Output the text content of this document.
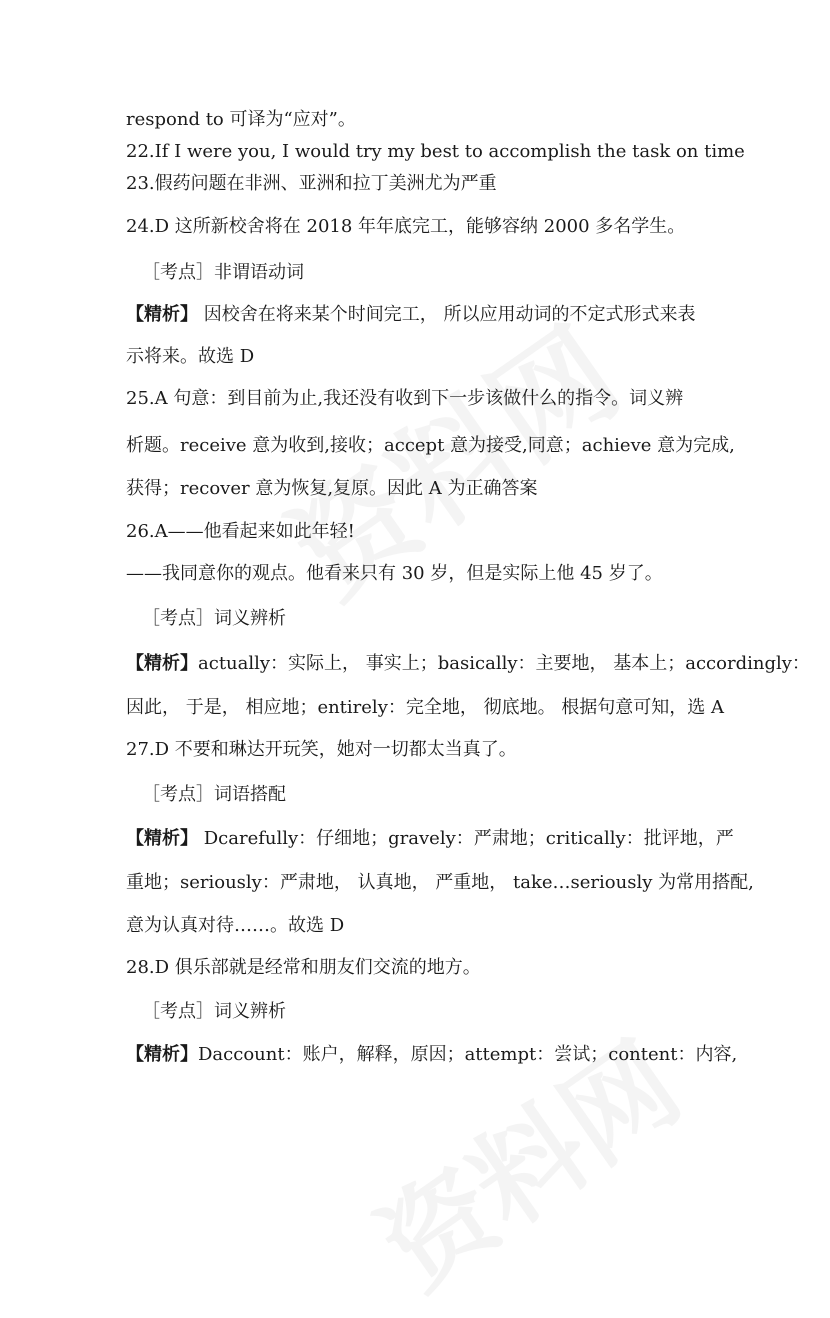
respond to 可译为“应对”。
22.If I were you, I would try my best to accomplish the task on time
23.假药问题在非洲、亚洲和拉丁美洲尤为严重
24.D 这所新校舍将在 2018 年年底完工，能够容纳 2000 多名学生。
［考点］非谓语动词
【精析】 因校舍在将来某个时间完工， 所以应用动词的不定式形式来表
示将来。故选 D
25.A 句意：到目前为止,我还没有收到下一步该做什么的指令。词义辨
析题。receive 意为收到,接收；accept 意为接受,同意；achieve 意为完成,
获得；recover 意为恢复,复原。因此 A 为正确答案
26.A——他看起来如此年轻!
——我同意你的观点。他看来只有 30 岁，但是实际上他 45 岁了。
［考点］词义辨析
【精析】actually：实际上， 事实上；basically：主要地， 基本上；accordingly：
因此， 于是， 相应地；entirely：完全地， 彻底地。 根据句意可知，选 A
27.D 不要和琳达开玩笑，她对一切都太当真了。
［考点］词语搭配
【精析】 Dcarefully：仔细地；gravely：严肃地；critically：批评地，严
重地；seriously：严肃地， 认真地， 严重地， take…seriously 为常用搭配,
意为认真对待……。故选 D
28.D 俱乐部就是经常和朋友们交流的地方。
［考点］词义辨析
【精析】Daccount：账户，解释，原因；attempt：尝试；content：内容,
